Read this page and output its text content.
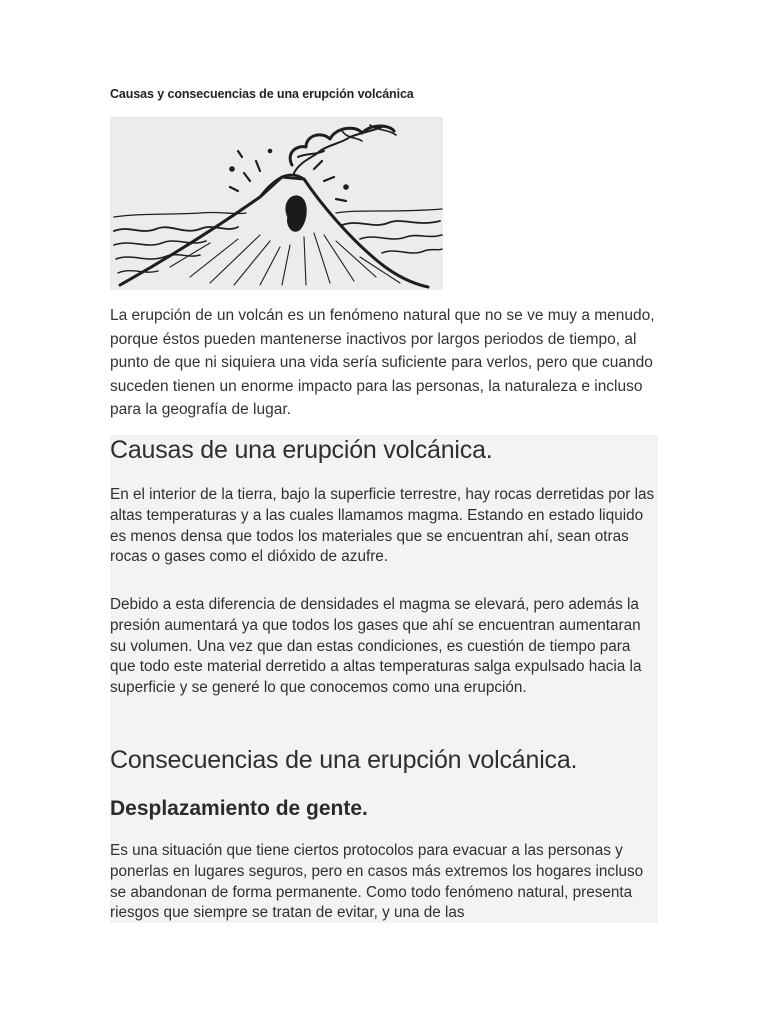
Causas y consecuencias de una erupción volcánica

La erupción de un volcán es un fenómeno natural que no se ve muy a menudo, porque éstos pueden mantenerse inactivos por largos periodos de tiempo, al punto de que ni siquiera una vida sería suficiente para verlos, pero que cuando suceden tienen un enorme impacto para las personas, la naturaleza e incluso para la geografía de lugar.

Causas de una erupción volcánica.

En el interior de la tierra, bajo la superficie terrestre, hay rocas derretidas por las altas temperaturas y a las cuales llamamos magma. Estando en estado liquido es menos densa que todos los materiales que se encuentran ahí, sean otras rocas o gases como el dióxido de azufre.

Debido a esta diferencia de densidades el magma se elevará, pero además la presión aumentará ya que todos los gases que ahí se encuentran aumentaran su volumen. Una vez que dan estas condiciones, es cuestión de tiempo para que todo este material derretido a altas temperaturas salga expulsado hacia la superficie y se generé lo que conocemos como una erupción.

Consecuencias de una erupción volcánica.
Desplazamiento de gente.

Es una situación que tiene ciertos protocolos para evacuar a las personas y ponerlas en lugares seguros, pero en casos más extremos los hogares incluso se abandonan de forma permanente. Como todo fenómeno natural, presenta riesgos que siempre se tratan de evitar, y una de las
